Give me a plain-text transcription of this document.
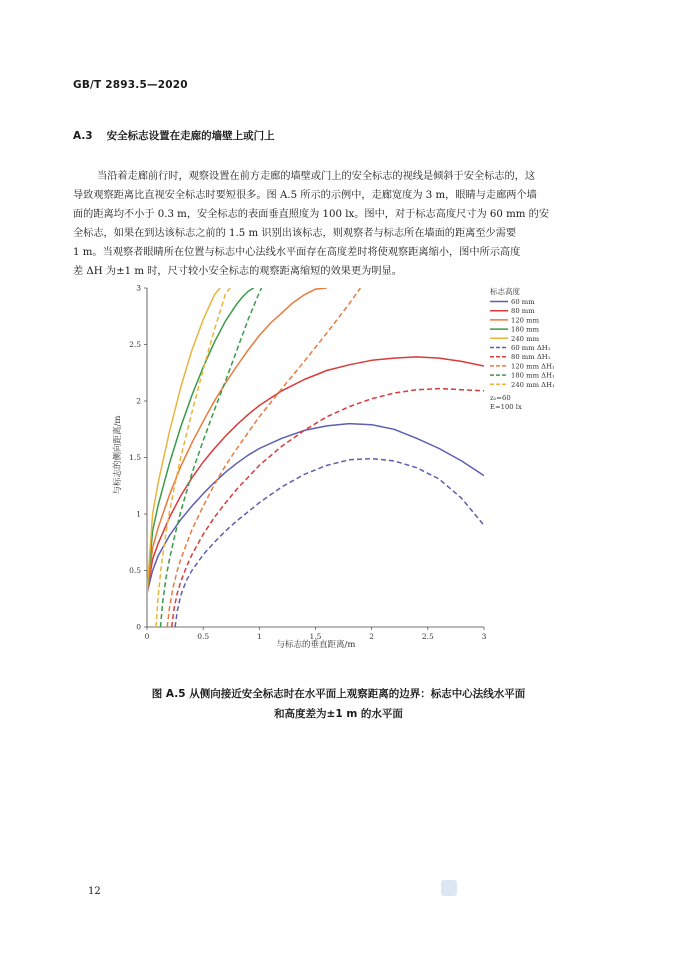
GB/T 2893.5—2020
A.3 安全标志设置在走廊的墙壁上或门上
当沿着走廊前行时，观察设置在前方走廊的墙壁或门上的安全标志的视线是倾斜于安全标志的，这
导致观察距离比直视安全标志时要短很多。图 A.5 所示的示例中，走廊宽度为 3 m，眼睛与走廊两个墙
面的距离均不小于 0.3 m，安全标志的表面垂直照度为 100 lx。图中，对于标志高度尺寸为 60 mm 的安
全标志，如果在到达该标志之前的 1.5 m 识别出该标志，则观察者与标志所在墙面的距离至少需要
1 m。当观察者眼睛所在位置与标志中心法线水平面存在高度差时将使观察距离缩小，图中所示高度
差 ΔH 为±1 m 时，尺寸较小安全标志的观察距离缩短的效果更为明显。
0	0.5	1	1.5	2	2.5	3
0
0.5
1
1.5
2
2.5
3	标志高度
60 mm
80 mm
120 mm
180 mm
240 mm
60 mm ΔH₁
80 mm ΔH₁
120 mm ΔH₁
180 mm ΔH₁
240 mm ΔH₁
z₀=60
E=100 lx
与标志的侧向距离/m
与标志的垂直距离/m
图 A.5 从侧向接近安全标志时在水平面上观察距离的边界：标志中心法线水平面
和高度差为±1 m 的水平面
12
